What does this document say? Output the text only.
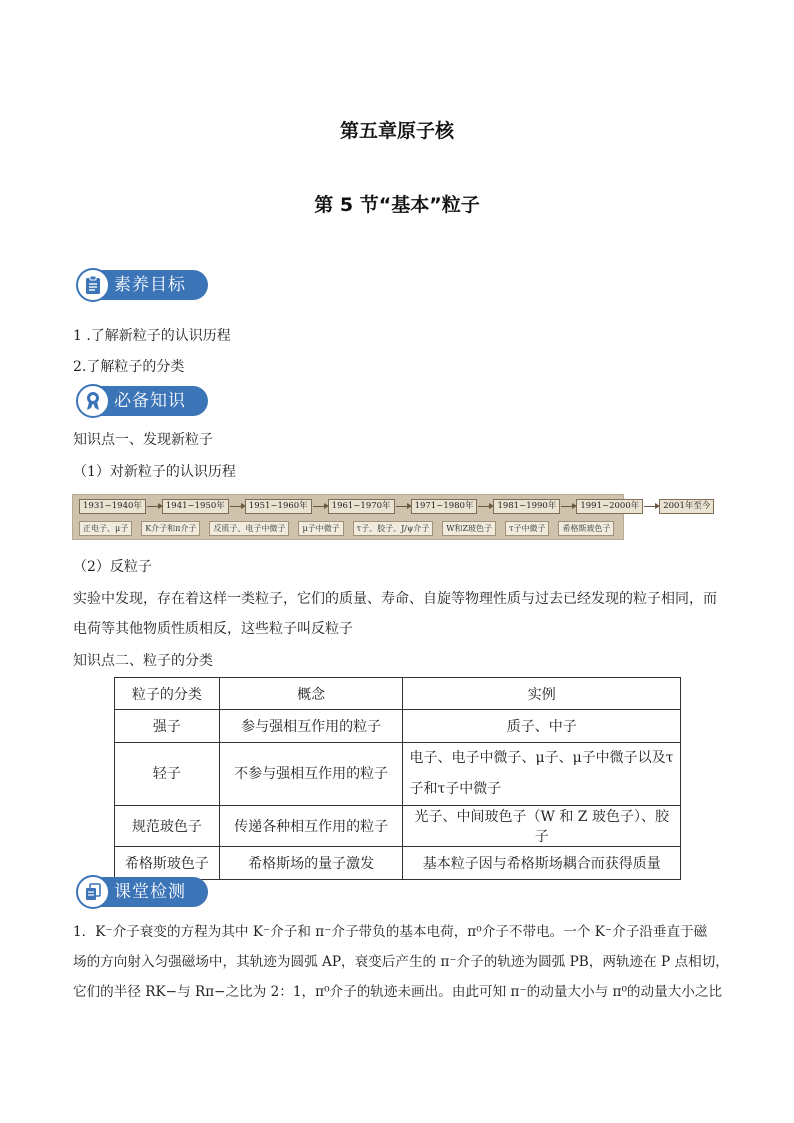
第五章原子核
第 5 节“基本”粒子
素养目标
1 .了解新粒子的认识历程
2.了解粒子的分类
必备知识
知识点一、发现新粒子
（1）对新粒子的认识历程
1931~1940年	1941~1950年	1951~1960年	1961~1970年	1971~1980年	1981~1990年	1991~2000年	2001年至今
正电子、μ子	K介子和π介子	反质子、电子中微子	μ子中微子	τ子、胶子、J/ψ介子	W和Z玻色子	τ子中微子	希格斯玻色子
（2）反粒子
实验中发现，存在着这样一类粒子，它们的质量、寿命、自旋等物理性质与过去已经发现的粒子相同，而
电荷等其他物质性质相反，这些粒子叫反粒子
知识点二、粒子的分类
粒子的分类	概念	实例
强子	参与强相互作用的粒子	质子、中子
轻子	不参与强相互作用的粒子	电子、电子中微子、μ子、μ子中微子以及τ子和τ子中微子
规范玻色子	传递各种相互作用的粒子	光子、中间玻色子（W 和 Z 玻色子）、胶子
希格斯玻色子	希格斯场的量子激发	基本粒子因与希格斯场耦合而获得质量
课堂检测
1．K⁻介子衰变的方程为其中 K⁻介子和 π⁻介子带负的基本电荷，π⁰介子不带电。一个 K⁻介子沿垂直于磁
场的方向射入匀强磁场中，其轨迹为圆弧 AP，衰变后产生的 π⁻介子的轨迹为圆弧 PB，两轨迹在 P 点相切，
它们的半径 RK−与 Rπ−之比为 2：1，π⁰介子的轨迹未画出。由此可知 π⁻的动量大小与 π⁰的动量大小之比
